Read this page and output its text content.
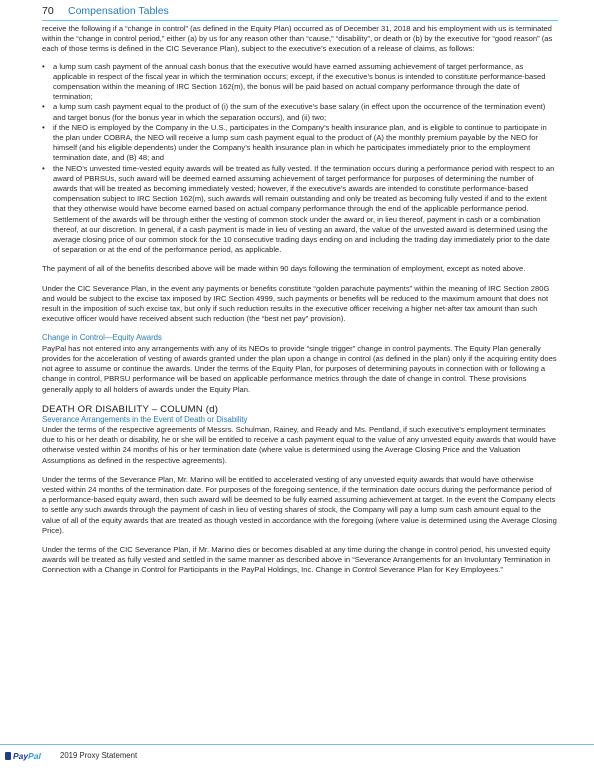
70 Compensation Tables

receive the following if a “change in control” (as defined in the Equity Plan) occurred as of December 31, 2018 and his employment with us is terminated within the “change in control period,” either (a) by us for any reason other than “cause,” “disability”, or death or (b) by the executive for “good reason” (as each of those terms is defined in the CIC Severance Plan), subject to the executive’s execution of a release of claims, as follows:

• a lump sum cash payment of the annual cash bonus that the executive would have earned assuming achievement of target performance, as applicable in respect of the fiscal year in which the termination occurs; except, if the executive’s bonus is intended to constitute performance-based compensation within the meaning of IRC Section 162(m), the bonus will be paid based on actual company performance through the date of termination;
• a lump sum cash payment equal to the product of (i) the sum of the executive’s base salary (in effect upon the occurrence of the termination event) and target bonus (for the bonus year in which the separation occurs), and (ii) two;
• if the NEO is employed by the Company in the U.S., participates in the Company’s health insurance plan, and is eligible to continue to participate in the plan under COBRA, the NEO will receive a lump sum cash payment equal to the product of (A) the monthly premium payable by the NEO for himself (and his eligible dependents) under the Company’s health insurance plan in which he participates immediately prior to the employment termination date, and (B) 48; and
• the NEO’s unvested time-vested equity awards will be treated as fully vested. If the termination occurs during a performance period with respect to an award of PBRSUs, such award will be deemed earned assuming achievement of target performance for purposes of determining the number of awards that will be treated as becoming immediately vested; however, if the executive’s awards are intended to constitute performance-based compensation subject to IRC Section 162(m), such awards will remain outstanding and only be treated as becoming fully vested if and to the extent that they otherwise would have become earned based on actual company performance through the end of the applicable performance period. Settlement of the awards will be through either the vesting of common stock under the award or, in lieu thereof, payment in cash or a combination thereof, at our discretion. In general, if a cash payment is made in lieu of vesting an award, the value of the unvested award is determined using the average closing price of our common stock for the 10 consecutive trading days ending on and including the trading day immediately prior to the date of separation or at the end of the performance period, as applicable.

The payment of all of the benefits described above will be made within 90 days following the termination of employment, except as noted above.

Under the CIC Severance Plan, in the event any payments or benefits constitute “golden parachute payments” within the meaning of IRC Section 280G and would be subject to the excise tax imposed by IRC Section 4999, such payments or benefits will be reduced to the maximum amount that does not result in the imposition of such excise tax, but only if such reduction results in the executive officer receiving a higher net-after tax amount than such executive officer would have received absent such reduction (the “best net pay” provision).

Change in Control—Equity Awards

PayPal has not entered into any arrangements with any of its NEOs to provide “single trigger” change in control payments. The Equity Plan generally provides for the acceleration of vesting of awards granted under the plan upon a change in control (as defined in the plan) only if the acquiring entity does not agree to assume or continue the awards. Under the terms of the Equity Plan, for purposes of determining payouts in connection with or following a change in control, PBRSU performance will be based on applicable performance metrics through the date of change in control. These provisions generally apply to all holders of awards under the Equity Plan.

DEATH OR DISABILITY – COLUMN (d)

Severance Arrangements in the Event of Death or Disability

Under the terms of the respective agreements of Messrs. Schulman, Rainey, and Ready and Ms. Pentland, if such executive’s employment terminates due to his or her death or disability, he or she will be entitled to receive a cash payment equal to the value of any unvested equity awards that would have otherwise vested within 24 months of his or her termination date (where value is determined using the Average Closing Price and the Valuation Assumptions as defined in the respective agreements).

Under the terms of the Severance Plan, Mr. Marino will be entitled to accelerated vesting of any unvested equity awards that would have otherwise vested within 24 months of the termination date. For purposes of the foregoing sentence, if the termination date occurs during the performance period of a performance-based equity award, then such award will be deemed to be fully earned assuming achievement at target. In the event the Company elects to settle any such awards through the payment of cash in lieu of vesting shares of stock, the Company will pay a lump sum cash amount equal to the value of all of the equity awards that are treated as though vested in accordance with the foregoing (where value is determined using the Average Closing Price).

Under the terms of the CIC Severance Plan, if Mr. Marino dies or becomes disabled at any time during the change in control period, his unvested equity awards will be treated as fully vested and settled in the same manner as described above in “Severance Arrangements for an Involuntary Termination in Connection with a Change in Control for Participants in the PayPal Holdings, Inc. Change in Control Severance Plan for Key Employees.”

PayPal 2019 Proxy Statement
